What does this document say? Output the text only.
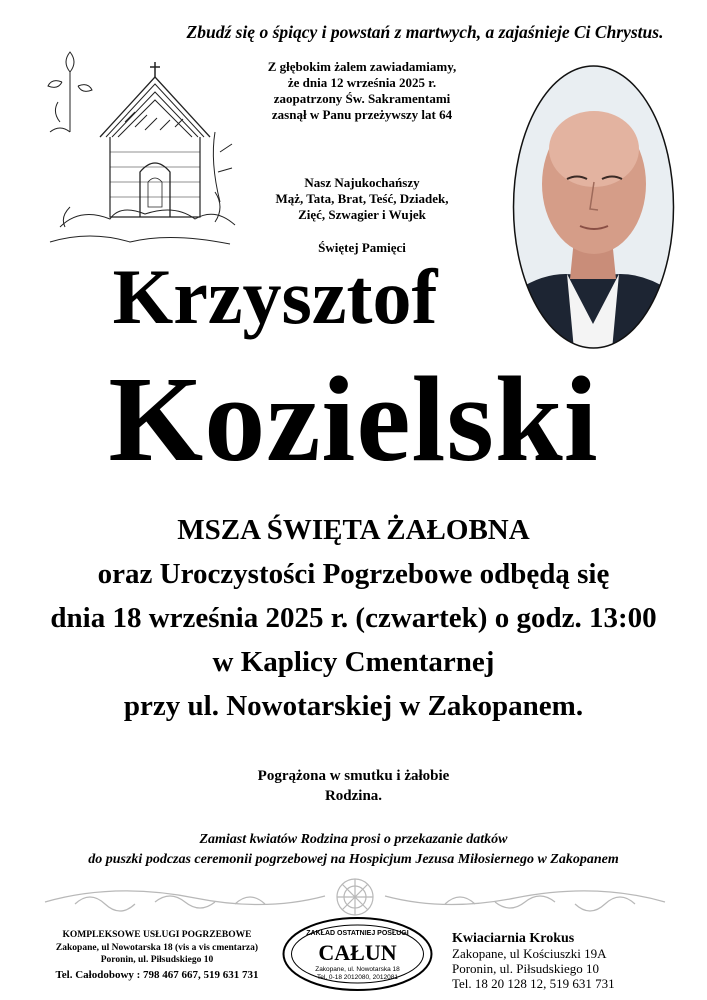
Zbudź się o śpiący i powstań z martwych, a zajaśnieje Ci Chrystus.
Z głębokim żalem zawiadamiamy,
że dnia 12 września 2025 r.
zaopatrzony Św. Sakramentami
zasnął w Panu przeżywszy lat 64
Nasz Najukochańszy
Mąż, Tata, Brat, Teść, Dziadek,
Zięć, Szwagier i Wujek
Świętej Pamięci
Krzysztof
Kozielski
MSZA ŚWIĘTA ŻAŁOBNA
oraz Uroczystości Pogrzebowe odbędą się
dnia 18 września 2025 r. (czwartek) o godz. 13:00
w Kaplicy Cmentarnej
przy ul. Nowotarskiej w Zakopanem.
Pogrążona w smutku i żałobie
Rodzina.
Zamiast kwiatów Rodzina prosi o przekazanie datków
do puszki podczas ceremonii pogrzebowej na Hospicjum Jezusa Miłosiernego w Zakopanem
KOMPLEKSOWE USŁUGI POGRZEBOWE
Zakopane, ul Nowotarska 18 (vis a vis cmentarza)
Poronin, ul. Piłsudskiego 10
Tel. Całodobowy : 798 467 667, 519 631 731
ZAKŁAD OSTATNIEJ POSŁUGI
CAŁUN
Zakopane, ul. Nowotarska 18
Tel. 0-18 2012080, 2012081
Kwiaciarnia Krokus
Zakopane, ul Kościuszki 19A
Poronin, ul. Piłsudskiego 10
Tel. 18 20 128 12, 519 631 731
